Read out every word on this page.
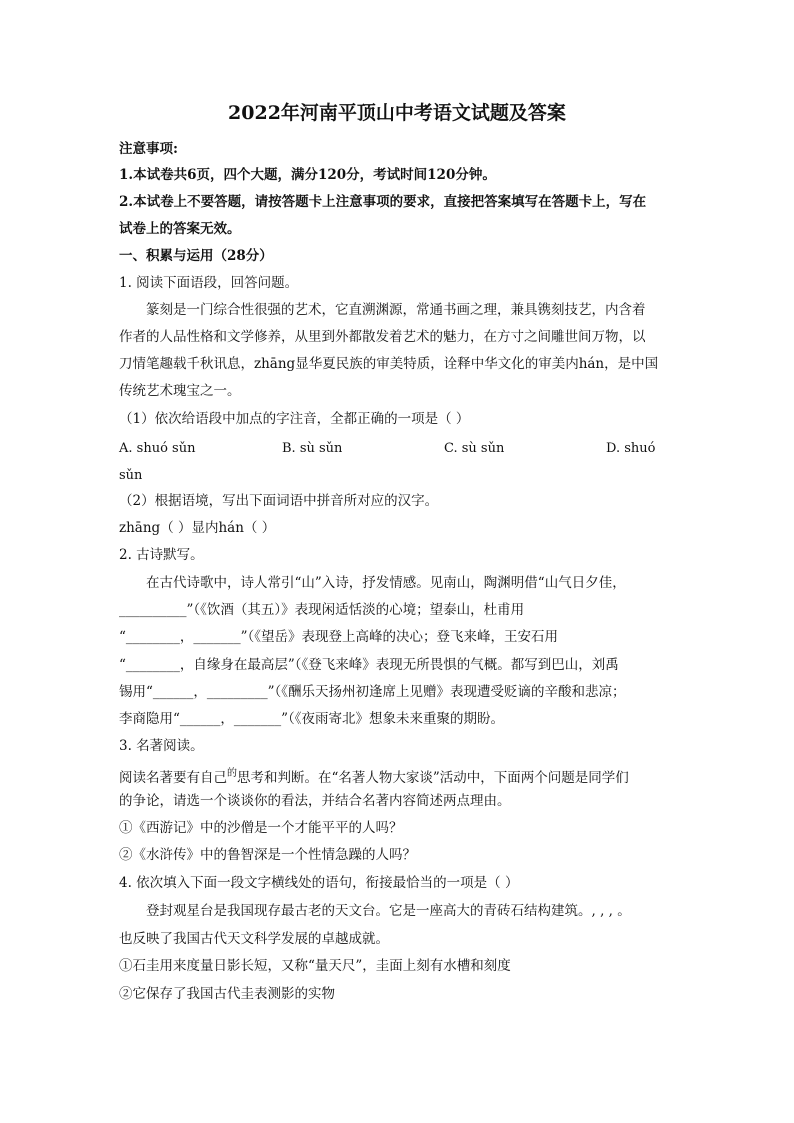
2022年河南平顶山中考语文试题及答案
注意事项:
1.本试卷共6页，四个大题，满分120分，考试时间120分钟。
2.本试卷上不要答题，请按答题卡上注意事项的要求，直接把答案填写在答题卡上，写在
试卷上的答案无效。
一、积累与运用（28分）
1. 阅读下面语段，回答问题。
篆刻是一门综合性很强的艺术，它直溯渊源，常通书画之理，兼具镌刻技艺，内含着
作者的人品性格和文学修养，从里到外都散发着艺术的魅力，在方寸之间雕世间万物，以
刀情笔趣载千秋讯息，zhāng显华夏民族的审美特质，诠释中华文化的审美内hán，是中国
传统艺术瑰宝之一。
（1）依次给语段中加点的字注音，全都正确的一项是（ ）
A. shuó sǔn	B. sù sǔn	C. sù sǔn	D. shuó
sǔn
（2）根据语境，写出下面词语中拼音所对应的汉字。
zhāng（ ）显内hán（ ）
2. 古诗默写。
在古代诗歌中，诗人常引“山”入诗，抒发情感。见南山，陶渊明借“山气日夕佳，
__________”（《饮酒（其五）》表现闲适恬淡的心境；望泰山，杜甫用
“________，_______”（《望岳》表现登上高峰的决心；登飞来峰，王安石用
“________，自缘身在最高层”（《登飞来峰》表现无所畏惧的气概。都写到巴山，刘禹
锡用“______，_________”（《酬乐天扬州初逢席上见赠》表现遭受贬谪的辛酸和悲凉；
李商隐用“______，_______”（《夜雨寄北》想象未来重聚的期盼。
3. 名著阅读。
阅读名著要有自己$^的$思考和判断。在“名著人物大家谈”活动中，下面两个问题是同学们
的争论，请选一个谈谈你的看法，并结合名著内容简述两点理由。
①《西游记》中的沙僧是一个才能平平的人吗？
②《水浒传》中的鲁智深是一个性情急躁的人吗？
4. 依次填入下面一段文字横线处的语句，衔接最恰当的一项是（ ）
登封观星台是我国现存最古老的天文台。它是一座高大的青砖石结构建筑。, , , 。
也反映了我国古代天文科学发展的卓越成就。
①石圭用来度量日影长短，又称“量天尺”，圭面上刻有水槽和刻度
②它保存了我国古代圭表测影的实物
